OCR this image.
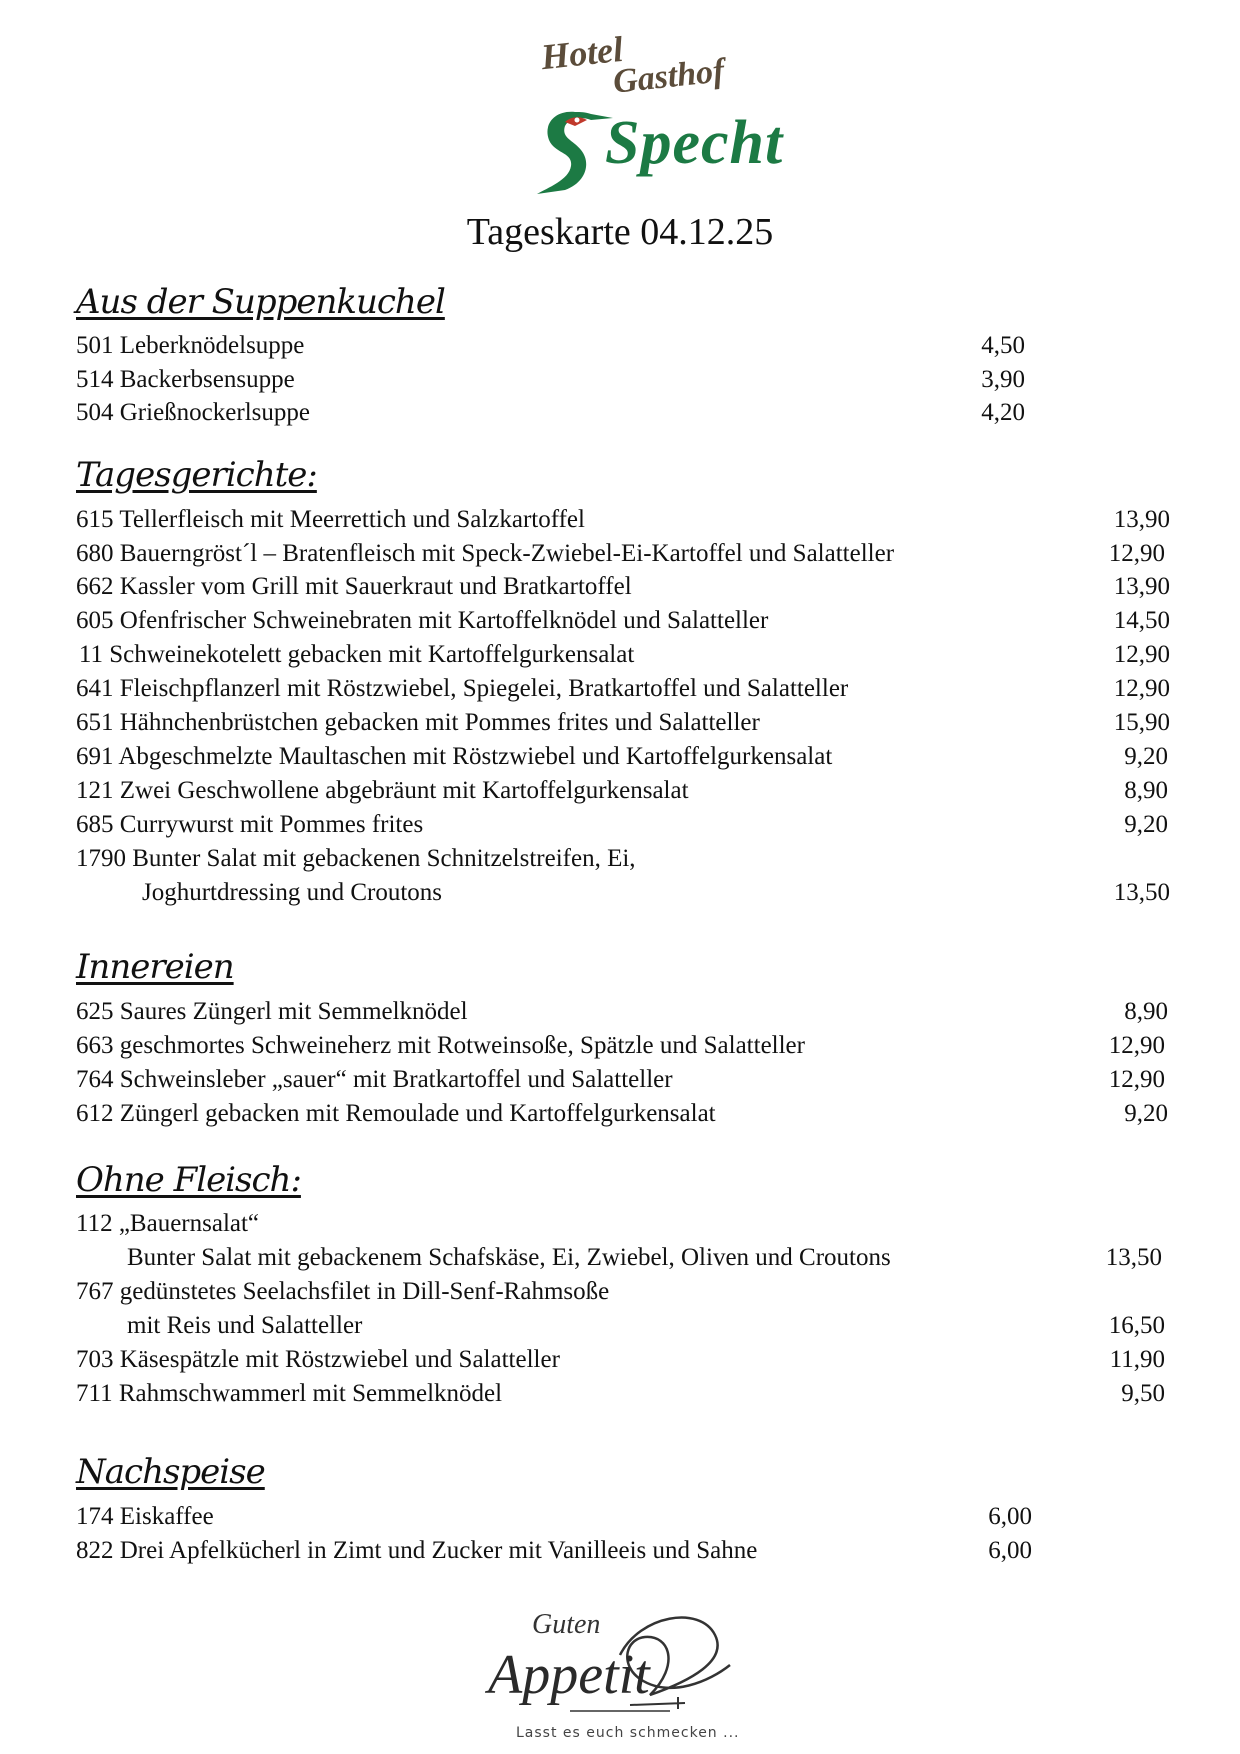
Hotel
Gasthof
Specht
Tageskarte 04.12.25
Aus der Suppenkuchel
501 Leberknödelsuppe	4,50
514 Backerbsensuppe	3,90
504 Grießnockerlsuppe	4,20
Tagesgerichte:
615 Tellerfleisch mit Meerrettich und Salzkartoffel	13,90
680 Bauerngröst´l – Bratenfleisch mit Speck-Zwiebel-Ei-Kartoffel und Salatteller	12,90
662 Kassler vom Grill mit Sauerkraut und Bratkartoffel	13,90
605 Ofenfrischer Schweinebraten mit Kartoffelknödel und Salatteller	14,50
11 Schweinekotelett gebacken mit Kartoffelgurkensalat	12,90
641 Fleischpflanzerl mit Röstzwiebel, Spiegelei, Bratkartoffel und Salatteller	12,90
651 Hähnchenbrüstchen gebacken mit Pommes frites und Salatteller	15,90
691 Abgeschmelzte Maultaschen mit Röstzwiebel und Kartoffelgurkensalat	9,20
121 Zwei Geschwollene abgebräunt mit Kartoffelgurkensalat	8,90
685 Currywurst mit Pommes frites	9,20
1790 Bunter Salat mit gebackenen Schnitzelstreifen, Ei,
Joghurtdressing und Croutons	13,50
Innereien
625 Saures Züngerl mit Semmelknödel	8,90
663 geschmortes Schweineherz mit Rotweinsoße, Spätzle und Salatteller	12,90
764 Schweinsleber „sauer“ mit Bratkartoffel und Salatteller	12,90
612 Züngerl gebacken mit Remoulade und Kartoffelgurkensalat	9,20
Ohne Fleisch:
112 „Bauernsalat“
Bunter Salat mit gebackenem Schafskäse, Ei, Zwiebel, Oliven und Croutons	13,50
767 gedünstetes Seelachsfilet in Dill-Senf-Rahmsoße
mit Reis und Salatteller	16,50
703 Käsespätzle mit Röstzwiebel und Salatteller	11,90
711 Rahmschwammerl mit Semmelknödel	9,50
Nachspeise
174 Eiskaffee	6,00
822 Drei Apfelkücherl in Zimt und Zucker mit Vanilleeis und Sahne	6,00
Guten
Appetit
Lasst es euch schmecken ...
